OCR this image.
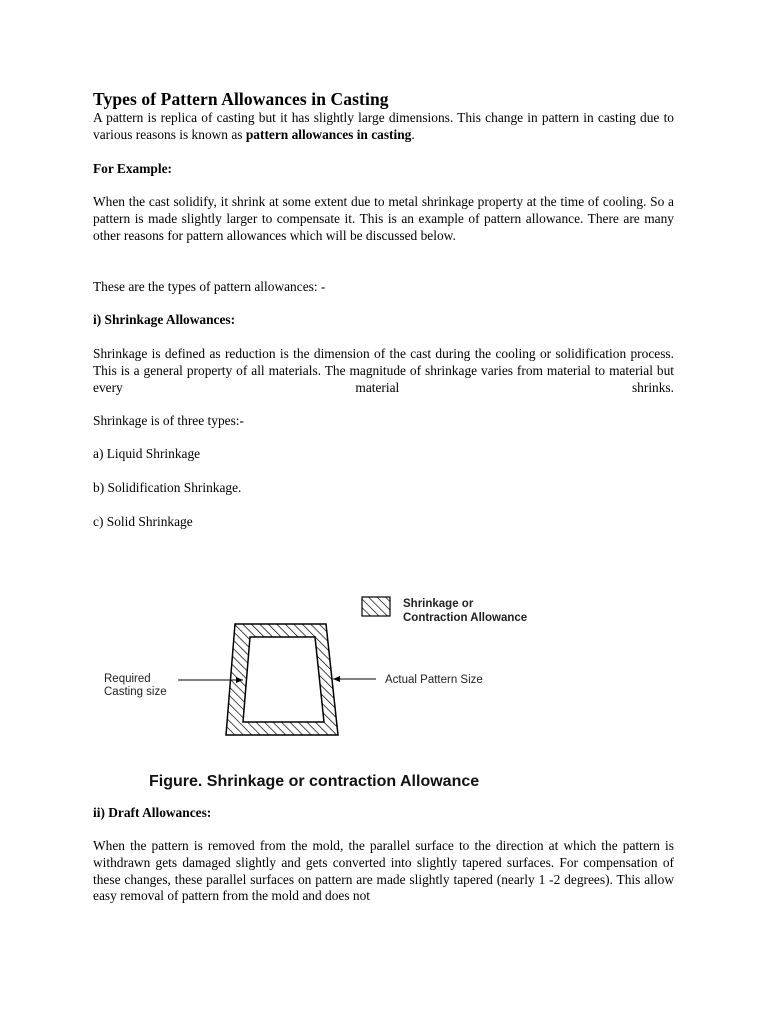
Types of Pattern Allowances in Casting

A pattern is replica of casting but it has slightly large dimensions. This change in pattern in casting due to various reasons is known as pattern allowances in casting.

For Example:

When the cast solidify, it shrink at some extent due to metal shrinkage property at the time of cooling. So a pattern is made slightly larger to compensate it. This is an example of pattern allowance. There are many other reasons for pattern allowances which will be discussed below.

These are the types of pattern allowances: -

i) Shrinkage Allowances:

Shrinkage is defined as reduction is the dimension of the cast during the cooling or solidification process. This is a general property of all materials. The magnitude of shrinkage varies from material to material but every material shrinks.

Shrinkage is of three types:-

a) Liquid Shrinkage

b) Solidification Shrinkage.

c) Solid Shrinkage

ii) Draft Allowances:

When the pattern is removed from the mold, the parallel surface to the direction at which the pattern is withdrawn gets damaged slightly and gets converted into slightly tapered surfaces. For compensation of these changes, these parallel surfaces on pattern are made slightly tapered (nearly 1 -2 degrees). This allow easy removal of pattern from the mold and does not

Shrinkage or
Contraction Allowance
Required
Casting size
Actual Pattern Size
Figure. Shrinkage or contraction Allowance
